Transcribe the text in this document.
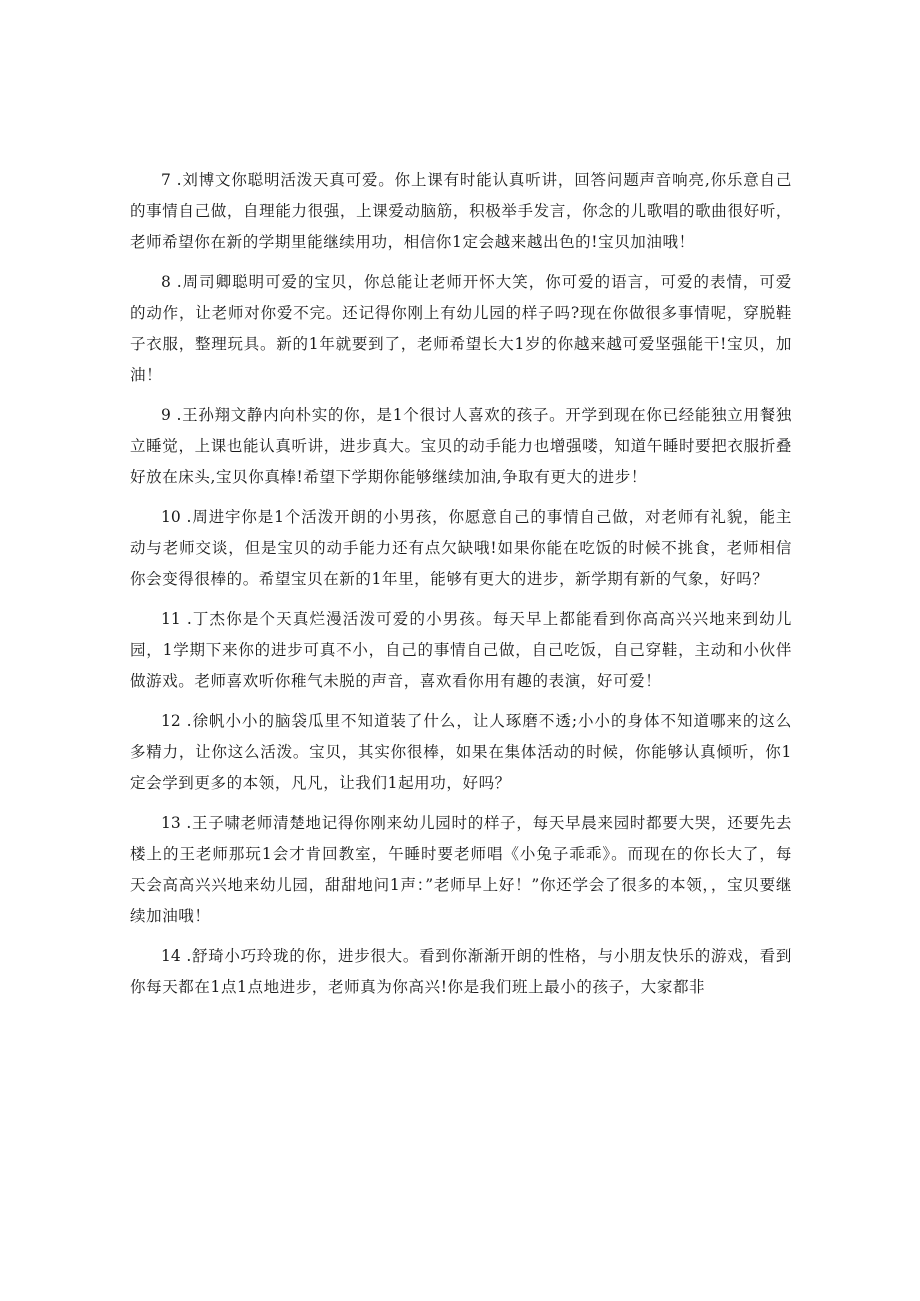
7 .刘博文你聪明活泼天真可爱。你上课有时能认真听讲，回答问题声音响亮,你乐意自己的事情自己做，自理能力很强，上课爱动脑筋，积极举手发言，你念的儿歌唱的歌曲很好听，老师希望你在新的学期里能继续用功，相信你1定会越来越出色的!宝贝加油哦！

8 .周司卿聪明可爱的宝贝，你总能让老师开怀大笑，你可爱的语言，可爱的表情，可爱的动作，让老师对你爱不完。还记得你刚上有幼儿园的样子吗?现在你做很多事情呢，穿脱鞋子衣服，整理玩具。新的1年就要到了，老师希望长大1岁的你越来越可爱坚强能干!宝贝，加油！

9 .王孙翔文静内向朴实的你，是1个很讨人喜欢的孩子。开学到现在你已经能独立用餐独立睡觉，上课也能认真听讲，进步真大。宝贝的动手能力也增强喽，知道午睡时要把衣服折叠好放在床头,宝贝你真棒!希望下学期你能够继续加油,争取有更大的进步！

10 .周进宇你是1个活泼开朗的小男孩，你愿意自己的事情自己做，对老师有礼貌，能主动与老师交谈，但是宝贝的动手能力还有点欠缺哦!如果你能在吃饭的时候不挑食，老师相信你会变得很棒的。希望宝贝在新的1年里，能够有更大的进步，新学期有新的气象，好吗？

11 .丁杰你是个天真烂漫活泼可爱的小男孩。每天早上都能看到你高高兴兴地来到幼儿园，1学期下来你的进步可真不小，自己的事情自己做，自己吃饭，自己穿鞋，主动和小伙伴做游戏。老师喜欢听你稚气未脱的声音，喜欢看你用有趣的表演，好可爱！

12 .徐帆小小的脑袋瓜里不知道装了什么，让人琢磨不透;小小的身体不知道哪来的这么多精力，让你这么活泼。宝贝，其实你很棒，如果在集体活动的时候，你能够认真倾听，你1定会学到更多的本领，凡凡，让我们1起用功，好吗？

13 .王子啸老师清楚地记得你刚来幼儿园时的样子，每天早晨来园时都要大哭，还要先去楼上的王老师那玩1会才肯回教室，午睡时要老师唱《小兔子乖乖》。而现在的你长大了，每天会高高兴兴地来幼儿园，甜甜地问1声：”老师早上好！”你还学会了很多的本领，，宝贝要继续加油哦！

14 .舒琦小巧玲珑的你，进步很大。看到你渐渐开朗的性格，与小朋友快乐的游戏，看到你每天都在1点1点地进步，老师真为你高兴!你是我们班上最小的孩子，大家都非
